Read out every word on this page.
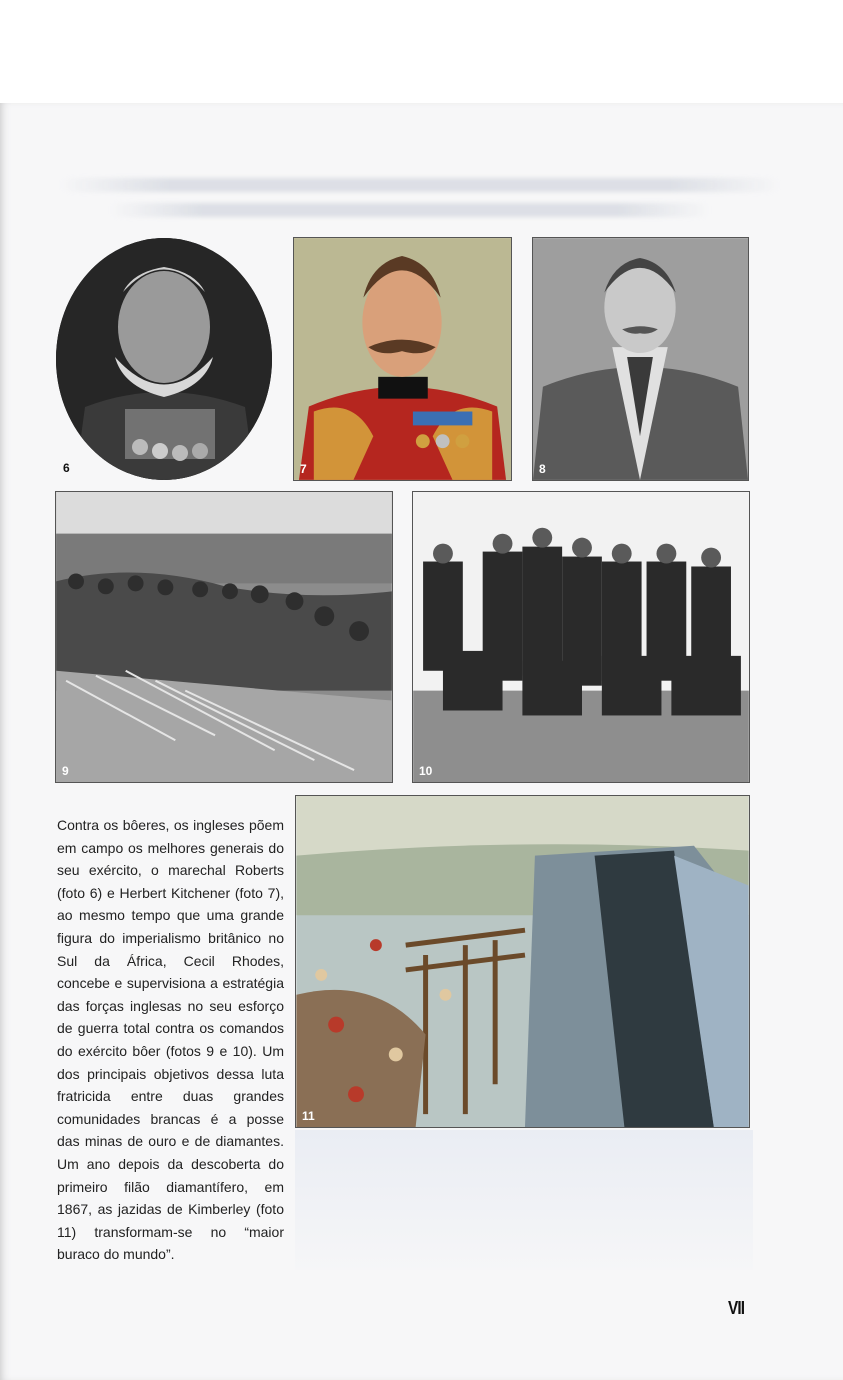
6	7	8
9	10

Contra os bôeres, os ingleses põem em campo os melhores generais do seu exército, o marechal Roberts (foto 6) e Herbert Kitchener (foto 7), ao mesmo tempo que uma grande figura do imperialismo britânico no Sul da África, Cecil Rhodes, concebe e supervisiona a estratégia das forças inglesas no seu esforço de guerra total contra os comandos do exército bôer (fotos 9 e 10). Um dos principais objetivos dessa luta fratricida entre duas grandes comunidades brancas é a posse das minas de ouro e de diamantes. Um ano depois da descoberta do primeiro filão diamantífero, em 1867, as jazidas de Kimberley (foto 11) transformam-se no “maior buraco do mundo”.

11
VII
